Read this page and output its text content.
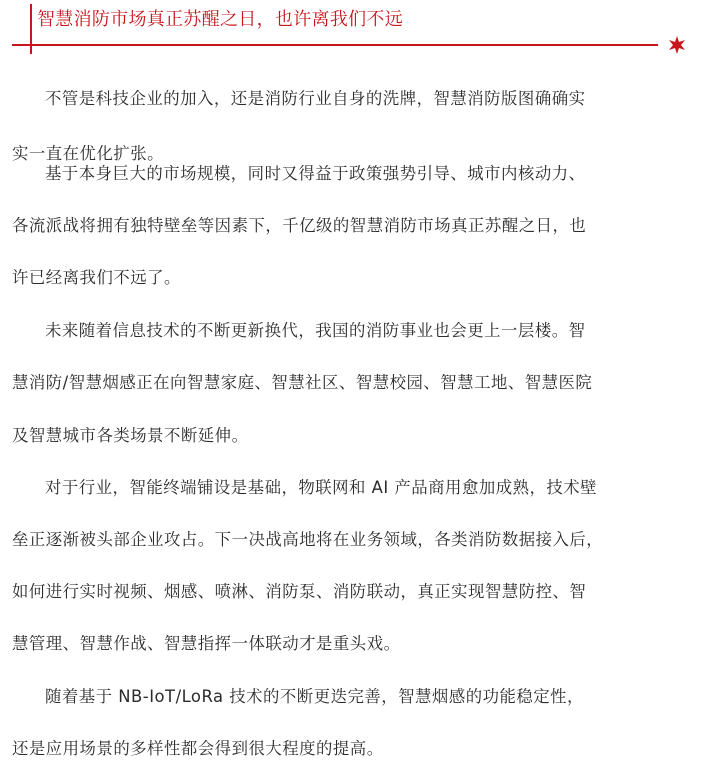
智慧消防市场真正苏醒之日，也许离我们不远
不管是科技企业的加入，还是消防行业自身的洗牌，智慧消防版图确确实
实一直在优化扩张。
基于本身巨大的市场规模，同时又得益于政策强势引导、城市内核动力、
各流派战将拥有独特壁垒等因素下，千亿级的智慧消防市场真正苏醒之日，也
许已经离我们不远了。
未来随着信息技术的不断更新换代，我国的消防事业也会更上一层楼。智
慧消防/智慧烟感正在向智慧家庭、智慧社区、智慧校园、智慧工地、智慧医院
及智慧城市各类场景不断延伸。
对于行业，智能终端铺设是基础，物联网和 AI 产品商用愈加成熟，技术壁
垒正逐渐被头部企业攻占。下一决战高地将在业务领域，各类消防数据接入后，
如何进行实时视频、烟感、喷淋、消防泵、消防联动，真正实现智慧防控、智
慧管理、智慧作战、智慧指挥一体联动才是重头戏。
随着基于 NB-IoT/LoRa 技术的不断更迭完善，智慧烟感的功能稳定性，
还是应用场景的多样性都会得到很大程度的提高。
